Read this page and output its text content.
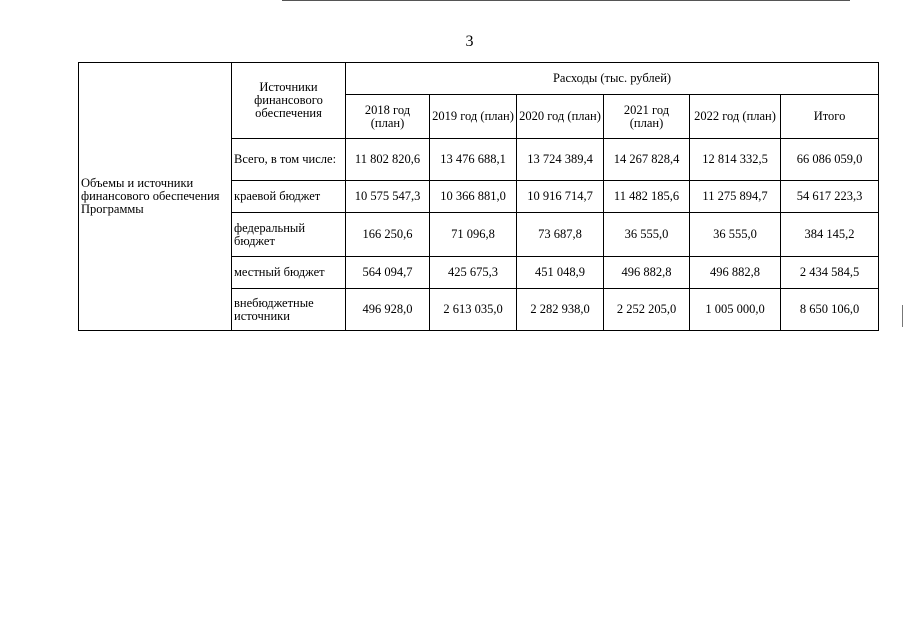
3
Объемы и источники финансового обеспечения Программы	Источники финансового обеспечения	Расходы (тыс. рублей)					
		2018 год (план)	2019 год (план)	2020 год (план)	2021 год (план)	2022 год (план)	Итого
	Всего, в том числе:	11 802 820,6	13 476 688,1	13 724 389,4	14 267 828,4	12 814 332,5	66 086 059,0
	краевой бюджет	10 575 547,3	10 366 881,0	10 916 714,7	11 482 185,6	11 275 894,7	54 617 223,3
	федеральный бюджет	166 250,6	71 096,8	73 687,8	36 555,0	36 555,0	384 145,2
	местный бюджет	564 094,7	425 675,3	451 048,9	496 882,8	496 882,8	2 434 584,5
	внебюджетные источники	496 928,0	2 613 035,0	2 282 938,0	2 252 205,0	1 005 000,0	8 650 106,0
